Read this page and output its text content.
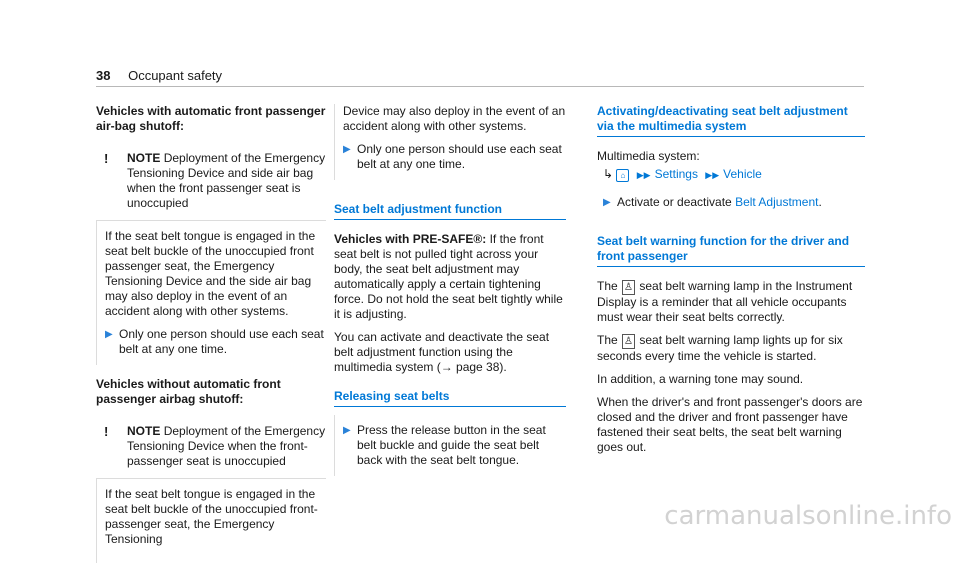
38 Occupant safety
Vehicles with automatic front passenger air-bag shutoff:
!	NOTE Deployment of the Emergency Tensioning Device and side air bag when the front passenger seat is unoccupied

If the seat belt tongue is engaged in the seat belt buckle of the unoccupied front passenger seat, the Emergency Tensioning Device and the side air bag may also deploy in the event of an accident along with other systems.

▶ Only one person should use each seat belt at any one time.
Vehicles without automatic front passenger airbag shutoff:
!	NOTE Deployment of the Emergency Tensioning Device when the front-passenger seat is unoccupied

If the seat belt tongue is engaged in the seat belt buckle of the unoccupied front-passenger seat, the Emergency Tensioning

Device may also deploy in the event of an accident along with other systems.

▶ Only one person should use each seat belt at any one time.
Seat belt adjustment function

Vehicles with PRE-SAFE®: If the front seat belt is not pulled tight across your body, the seat belt adjustment may automatically apply a certain tightening force. Do not hold the seat belt tightly while it is adjusting.

You can activate and deactivate the seat belt adjustment function using the multimedia system (→ page 38).

Releasing seat belts
▶ Press the release button in the seat belt buckle and guide the seat belt back with the seat belt tongue.
Activating/deactivating seat belt adjustment via the multimedia system

Multimedia system:

↳ ⌂ ▶▶ Settings ▶▶ Vehicle
▶ Activate or deactivate Belt Adjustment.
Seat belt warning function for the driver and front passenger

The ♙ seat belt warning lamp in the Instrument Display is a reminder that all vehicle occupants must wear their seat belts correctly.

The ♙ seat belt warning lamp lights up for six seconds every time the vehicle is started.

In addition, a warning tone may sound.

When the driver's and front passenger's doors are closed and the driver and front passenger have fastened their seat belts, the seat belt warning goes out.

carmanualsonline.info
